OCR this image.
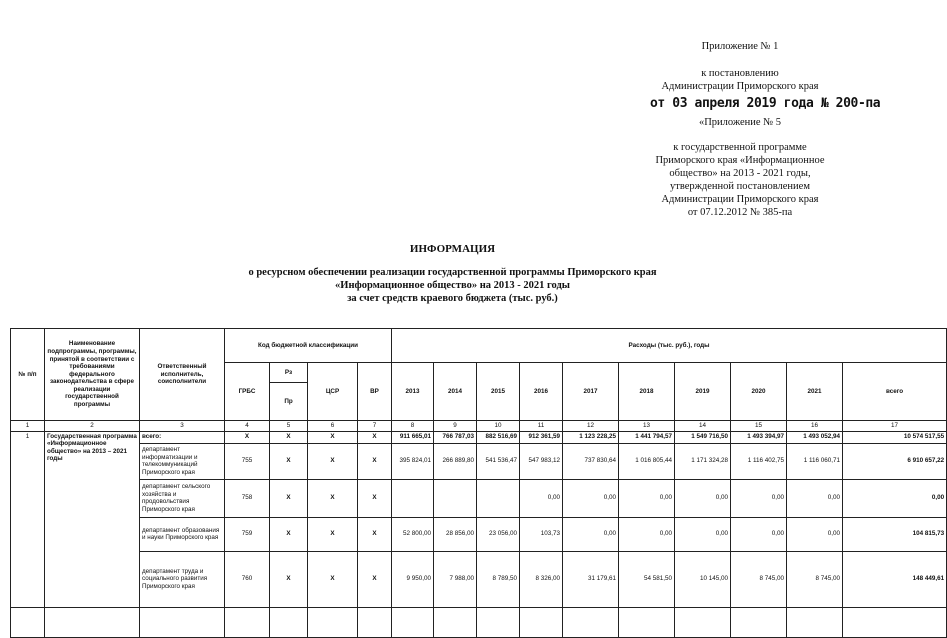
Приложение № 1
к постановлению
Администрации Приморского края
от 03 апреля 2019 года № 200-па
«Приложение № 5
к государственной программе
Приморского края «Информационное
общество» на 2013 - 2021 годы,
утвержденной постановлением
Администрации Приморского края
от 07.12.2012 № 385-па
ИНФОРМАЦИЯ
о ресурсном обеспечении реализации государственной программы Приморского края
«Информационное общество» на 2013 - 2021 годы
за счет средств краевого бюджета (тыс. руб.)
№ п/п	Наименование подпрограммы, программы, принятой в соответствии с требованиями федерального законодательства в сфере реализации государственной программы	Ответственный исполнитель, соисполнители	Код бюджетной классификации				Расходы (тыс. руб.), годы									
			ГРБС	Рз	ЦСР	ВР	2013	2014	2015	2016	2017	2018	2019	2020	2021	всего
				Пр												
1	2	3	4	5	6	7	8	9	10	11	12	13	14	15	16	17
1	Государственная программа «Информационное общество» на 2013 – 2021 годы	всего:	X	X	X	X	911 665,01	766 787,03	882 516,69	912 361,59	1 123 228,25	1 441 794,57	1 549 716,50	1 493 394,97	1 493 052,94	10 574 517,55
		департамент информатизации и телекоммуникаций Приморского края	755	X	X	X	395 824,01	266 889,80	541 536,47	547 983,12	737 830,64	1 016 805,44	1 171 324,28	1 116 402,75	1 116 060,71	6 910 657,22
		департамент сельского хозяйства и продовольствия Приморского края	758	X	X	X				0,00	0,00	0,00	0,00	0,00	0,00	0,00
		департамент образования и науки Приморского края	759	X	X	X	52 800,00	28 856,00	23 056,00	103,73	0,00	0,00	0,00	0,00	0,00	104 815,73
		департамент труда и социального развития Приморского края	760	X	X	X	9 950,00	7 988,00	8 789,50	8 326,00	31 179,61	54 581,50	10 145,00	8 745,00	8 745,00	148 449,61
